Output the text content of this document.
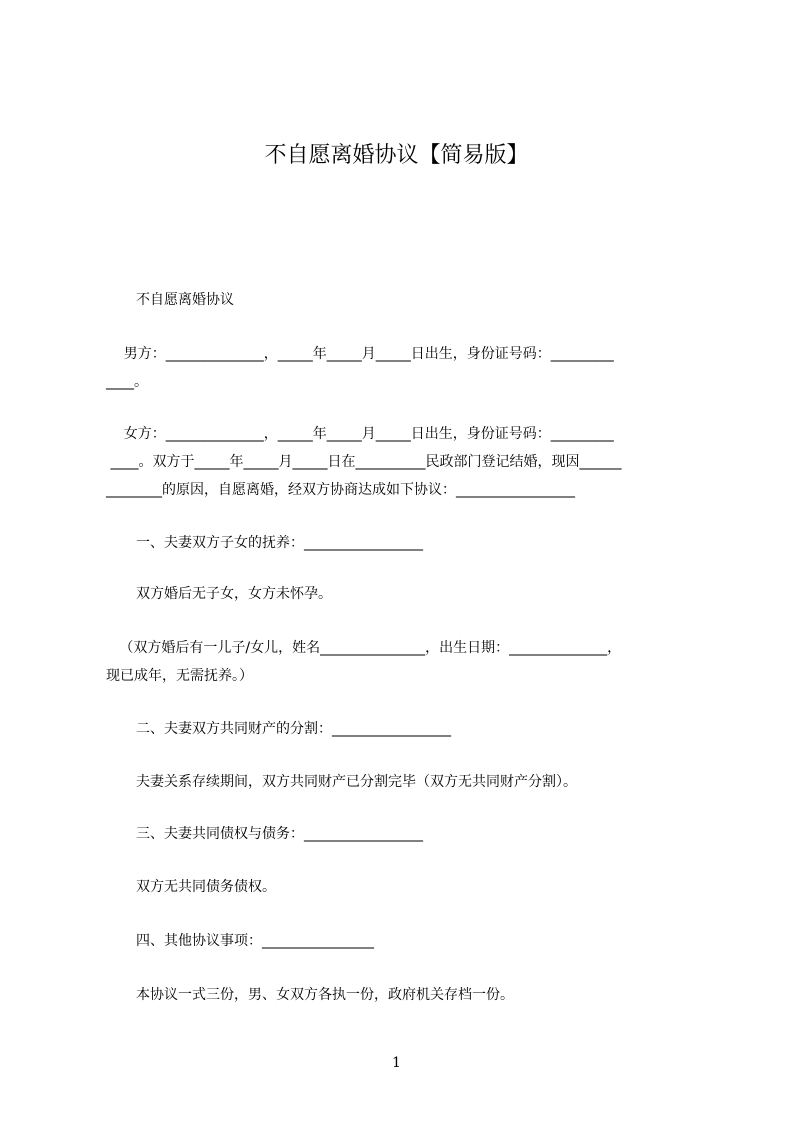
不自愿离婚协议【简易版】
不自愿离婚协议
男方：______________，_____年_____月_____日出生，身份证号码：_________
____。
女方：______________，_____年_____月_____日出生，身份证号码：_________
____。双方于_____年_____月_____日在__________民政部门登记结婚，现因______
________的原因，自愿离婚，经双方协商达成如下协议：_________________
一、夫妻双方子女的抚养：_________________
双方婚后无子女，女方未怀孕。
（双方婚后有一儿子/女儿，姓名_______________，出生日期：______________，
现已成年，无需抚养。）
二、夫妻双方共同财产的分割：_________________
夫妻关系存续期间，双方共同财产已分割完毕（双方无共同财产分割）。
三、夫妻共同债权与债务：_________________
双方无共同债务债权。
四、其他协议事项：________________
本协议一式三份，男、女双方各执一份，政府机关存档一份。
1
